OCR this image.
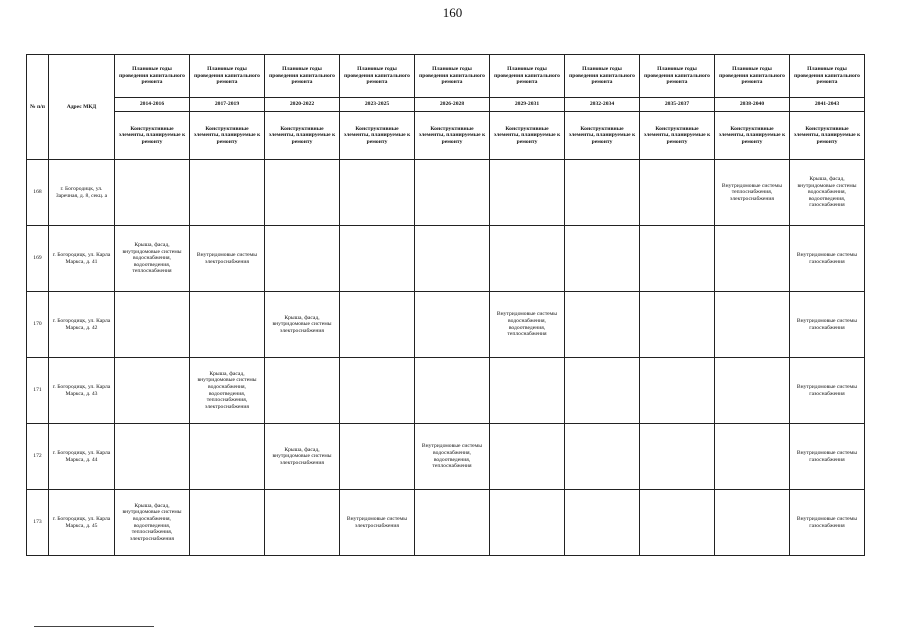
160
№ п/п	Адрес МКД	Плановые годы проведения капитального ремонта	Плановые годы проведения капитального ремонта	Плановые годы проведения капитального ремонта	Плановые годы проведения капитального ремонта	Плановые годы проведения капитального ремонта	Плановые годы проведения капитального ремонта	Плановые годы проведения капитального ремонта	Плановые годы проведения капитального ремонта	Плановые годы проведения капитального ремонта	Плановые годы проведения капитального ремонта
		2014-2016	2017-2019	2020-2022	2023-2025	2026-2028	2029-2031	2032-2034	2035-2037	2038-2040	2041-2043
		Конструктивные элементы, планируемые к ремонту	Конструктивные элементы, планируемые к ремонту	Конструктивные элементы, планируемые к ремонту	Конструктивные элементы, планируемые к ремонту	Конструктивные элементы, планируемые к ремонту	Конструктивные элементы, планируемые к ремонту	Конструктивные элементы, планируемые к ремонту	Конструктивные элементы, планируемые к ремонту	Конструктивные элементы, планируемые к ремонту	Конструктивные элементы, планируемые к ремонту
168	г. Богородицк, ул. Заречная, д. 8, секц. а									Внутридомовые системы теплоснабжения, электроснабжения	Крыша, фасад, внутридомовые системы водоснабжения, водоотведения, газоснабжения
169	г. Богородицк, ул. Карла Маркса, д. 41	Крыша, фасад, внутридомовые системы водоснабжения, водоотведения, теплоснабжения	Внутридомовые системы электроснабжения								Внутридомовые системы газоснабжения
170	г. Богородицк, ул. Карла Маркса, д. 42			Крыша, фасад, внутридомовые системы электроснабжения			Внутридомовые системы водоснабжения, водоотведения, теплоснабжения				Внутридомовые системы газоснабжения
171	г. Богородицк, ул. Карла Маркса, д. 43		Крыша, фасад, внутридомовые системы водоснабжения, водоотведения, теплоснабжения, электроснабжения								Внутридомовые системы газоснабжения
172	г. Богородицк, ул. Карла Маркса, д. 44			Крыша, фасад, внутридомовые системы электроснабжения		Внутридомовые системы водоснабжения, водоотведения, теплоснабжения					Внутридомовые системы газоснабжения
173	г. Богородицк, ул. Карла Маркса, д. 45	Крыша, фасад, внутридомовые системы водоснабжения, водоотведения, теплоснабжения, электроснабжения			Внутридомовые системы электроснабжения						Внутридомовые системы газоснабжения
